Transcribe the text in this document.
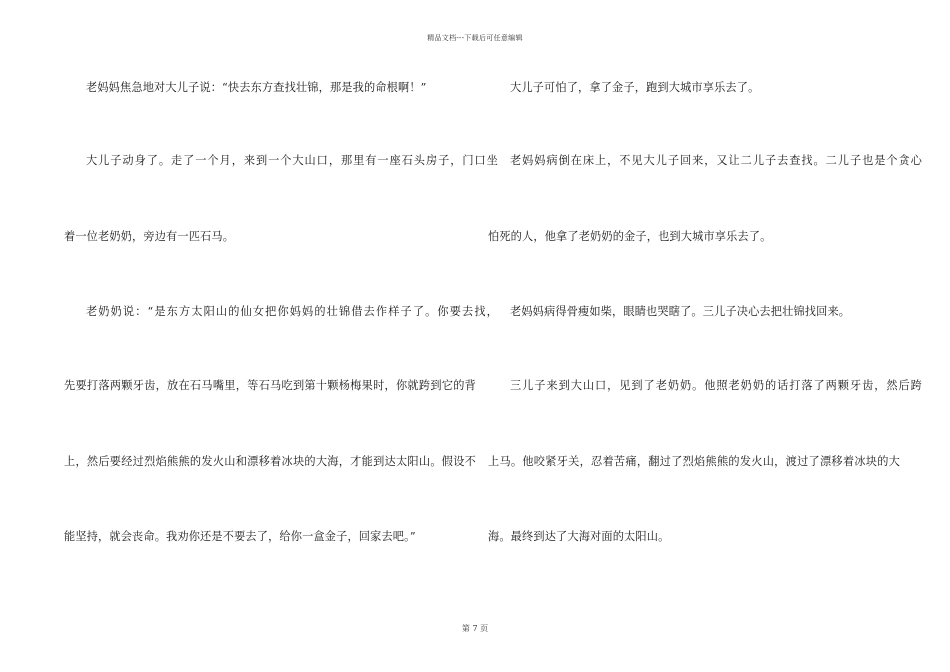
精品文档---下载后可任意编辑
老妈妈焦急地对大儿子说：“快去东方查找壮锦，那是我的命根啊！”
大儿子动身了。走了一个月，来到一个大山口，那里有一座石头房子，门口坐
着一位老奶奶，旁边有一匹石马。
老奶奶说：“是东方太阳山的仙女把你妈妈的壮锦借去作样子了。你要去找，
先要打落两颗牙齿，放在石马嘴里，等石马吃到第十颗杨梅果时，你就跨到它的背
上，然后要经过烈焰熊熊的发火山和漂移着冰块的大海，才能到达太阳山。假设不
能坚持，就会丧命。我劝你还是不要去了，给你一盒金子，回家去吧。”
大儿子可怕了，拿了金子，跑到大城市享乐去了。
老妈妈病倒在床上，不见大儿子回来，又让二儿子去查找。二儿子也是个贪心
怕死的人，他拿了老奶奶的金子，也到大城市享乐去了。
老妈妈病得骨瘦如柴，眼睛也哭瞎了。三儿子决心去把壮锦找回来。
三儿子来到大山口，见到了老奶奶。他照老奶奶的话打落了两颗牙齿，然后跨
上马。他咬紧牙关，忍着苦痛，翻过了烈焰熊熊的发火山，渡过了漂移着冰块的大
海。最终到达了大海对面的太阳山。
第 7 页
